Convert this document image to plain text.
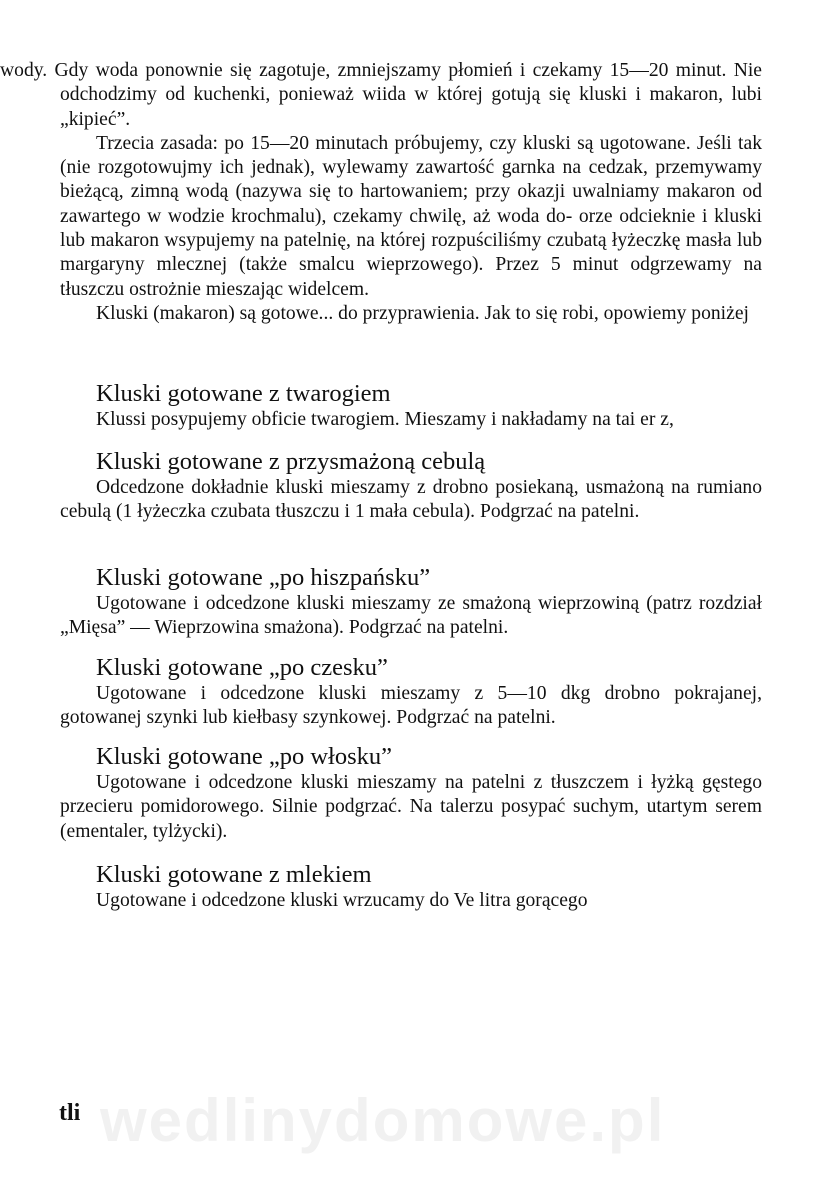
wody. Gdy woda ponownie się zagotuje, zmniejszamy płomień i czekamy 15—20 minut. Nie odchodzimy od kuchenki, ponieważ wiida w której gotują się kluski i makaron, lubi „kipieć”.

Trzecia zasada: po 15—20 minutach próbujemy, czy kluski są ugotowane. Jeśli tak (nie rozgotowujmy ich jednak), wylewamy zawartość garnka na cedzak, przemywamy bieżącą, zimną wodą (nazywa się to hartowaniem; przy okazji uwalniamy makaron od zawartego w wodzie krochmalu), czekamy chwilę, aż woda do- orze odcieknie i kluski lub makaron wsypujemy na patelnię, na której rozpuściliśmy czubatą łyżeczkę masła lub margaryny mlecznej (także smalcu wieprzowego). Przez 5 minut odgrzewamy na tłuszczu ostrożnie mieszając widelcem.

Kluski (makaron) są gotowe... do przyprawienia. Jak to się robi, opowiemy poniżej

Kluski gotowane z twarogiem

Klussi posypujemy obficie twarogiem. Mieszamy i nakładamy na tai er z,

Kluski gotowane z przysmażoną cebulą

Odcedzone dokładnie kluski mieszamy z drobno posiekaną, usmażoną na rumiano cebulą (1 łyżeczka czubata tłuszczu i 1 mała cebula). Podgrzać na patelni.

Kluski gotowane „po hiszpańsku”

Ugotowane i odcedzone kluski mieszamy ze smażoną wieprzowiną (patrz rozdział „Mięsa” — Wieprzowina smażona). Podgrzać na patelni.

Kluski gotowane „po czesku”

Ugotowane i odcedzone kluski mieszamy z 5—10 dkg drobno pokrajanej, gotowanej szynki lub kiełbasy szynkowej. Podgrzać na patelni.

Kluski gotowane „po włosku”

Ugotowane i odcedzone kluski mieszamy na patelni z tłuszczem i łyżką gęstego przecieru pomidorowego. Silnie podgrzać. Na talerzu posypać suchym, utartym serem (ementaler, tylżycki).

Kluski gotowane z mlekiem

Ugotowane i odcedzone kluski wrzucamy do Ve litra gorącego

wedlinydomowe.pl
tli
